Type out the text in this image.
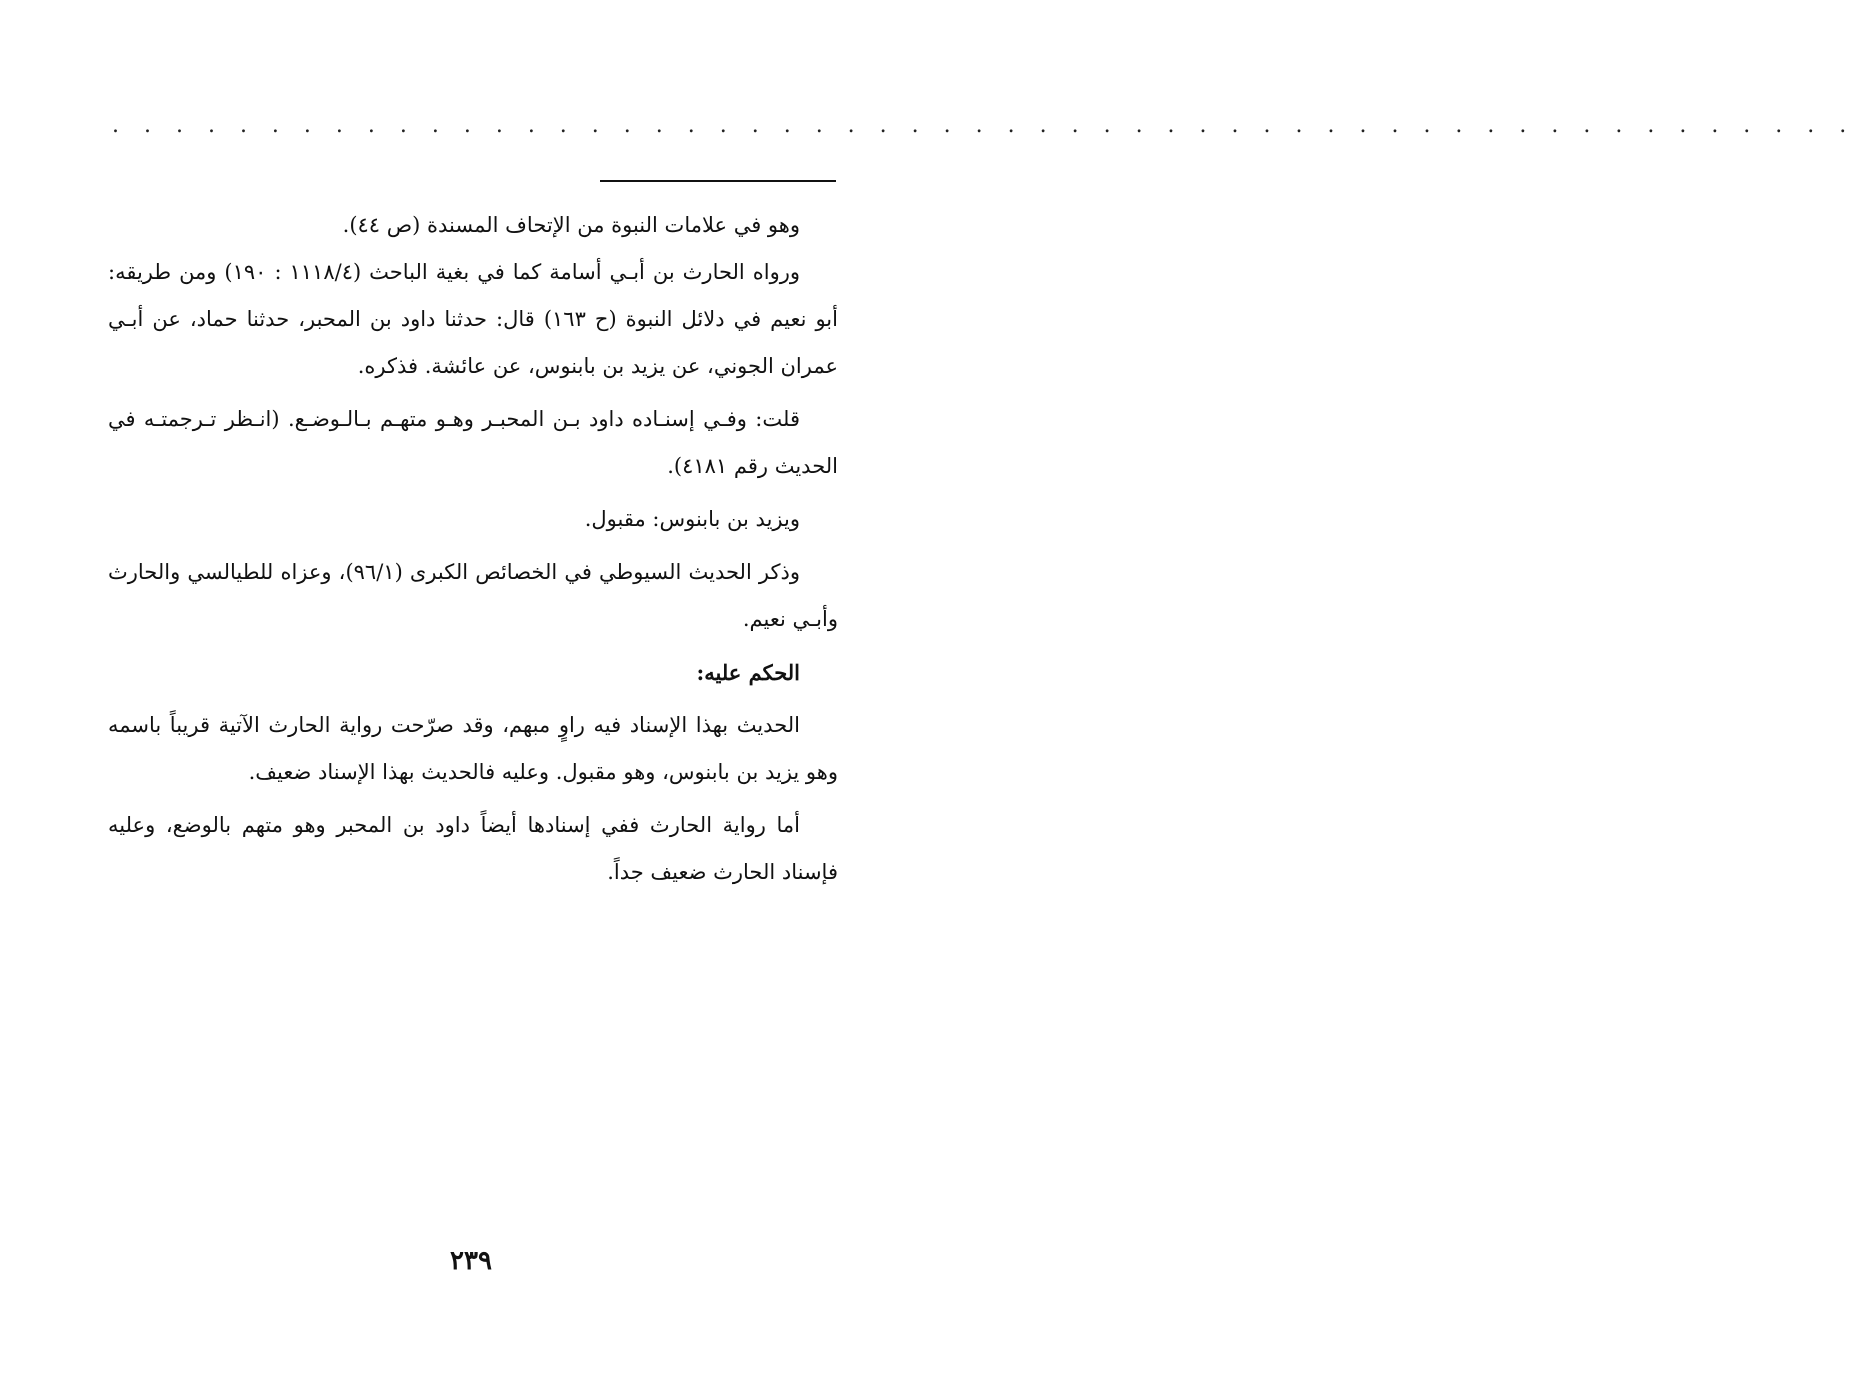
. . . . . . . . . . . . . . . . . . . . . . . . . . . . . . . . . . . . . . . . . . . . . . . . . . . . . . .

وهو في علامات النبوة من الإتحاف المسندة (ص ٤٤).

ورواه الحارث بن أبـي أسامة كما في بغية الباحث (١١١٨/٤ : ١٩٠) ومن طريقه: أبو نعيم في دلائل النبوة (ح ١٦٣) قال: حدثنا داود بن المحبر، حدثنا حماد، عن أبـي عمران الجوني، عن يزيد بن بابنوس، عن عائشة. فذكره.

قلت: وفـي إسنـاده داود بـن المحبـر وهـو متهـم بـالـوضـع. (انـظر تـرجمتـه في الحديث رقم ٤١٨١).

ويزيد بن بابنوس: مقبول.

وذكر الحديث السيوطي في الخصائص الكبرى (٩٦/١)، وعزاه للطيالسي والحارث وأبـي نعيم.

الحكم عليه:

الحديث بهذا الإسناد فيه راوٍ مبهم، وقد صرّحت رواية الحارث الآتية قريباً باسمه وهو يزيد بن بابنوس، وهو مقبول. وعليه فالحديث بهذا الإسناد ضعيف.

أما رواية الحارث ففي إسنادها أيضاً داود بن المحبر وهو متهم بالوضع، وعليه فإسناد الحارث ضعيف جداً.

٢٣٩
